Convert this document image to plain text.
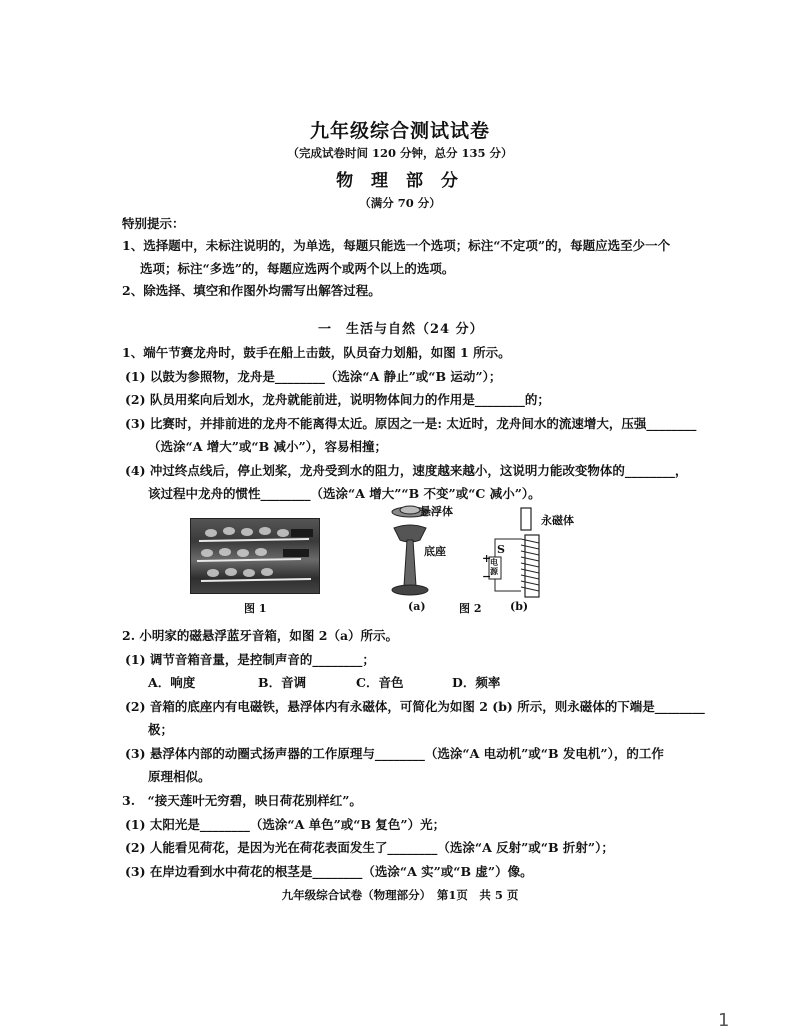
九年级综合测试试卷
（完成试卷时间 120 分钟，总分 135 分）
物 理 部 分
（满分 70 分）
特别提示：
1、选择题中，未标注说明的，为单选，每题只能选一个选项；标注“不定项”的，每题应选至少一个
选项；标注“多选”的，每题应选两个或两个以上的选项。
2、除选择、填空和作图外均需写出解答过程。
一　生活与自然（24 分）
1、端午节赛龙舟时，鼓手在船上击鼓，队员奋力划船，如图 1 所示。
(1) 以鼓为参照物，龙舟是________（选涂“A 静止”或“B 运动”）；
(2) 队员用桨向后划水，龙舟就能前进，说明物体间力的作用是________的；
(3) 比赛时，并排前进的龙舟不能离得太近。原因之一是: 太近时，龙舟间水的流速增大，压强________
（选涂“A 增大”或“B 减小”），容易相撞；
(4) 冲过终点线后，停止划桨，龙舟受到水的阻力，速度越来越小，这说明力能改变物体的________，
该过程中龙舟的惯性________（选涂“A 增大”“B 不变”或“C 减小”）。
图 1
悬浮体
底座
(a)
永磁体
S
+
−
电源
图 2	(b)
2. 小明家的磁悬浮蓝牙音箱，如图 2（a）所示。
(1) 调节音箱音量，是控制声音的________；
A．响度	B．音调	C．音色	D．频率
(2) 音箱的底座内有电磁铁，悬浮体内有永磁体，可简化为如图 2 (b) 所示，则永磁体的下端是________
极；
(3) 悬浮体内部的动圈式扬声器的工作原理与________（选涂“A 电动机”或“B 发电机”），的工作
原理相似。
3.　“接天莲叶无穷碧，映日荷花别样红”。
(1) 太阳光是________（选涂“A 单色”或“B 复色”）光；
(2) 人能看见荷花，是因为光在荷花表面发生了________（选涂“A 反射”或“B 折射”）；
(3) 在岸边看到水中荷花的根茎是________（选涂“A 实”或“B 虚”）像。
九年级综合试卷（物理部分）　第1页　共 5 页
1
